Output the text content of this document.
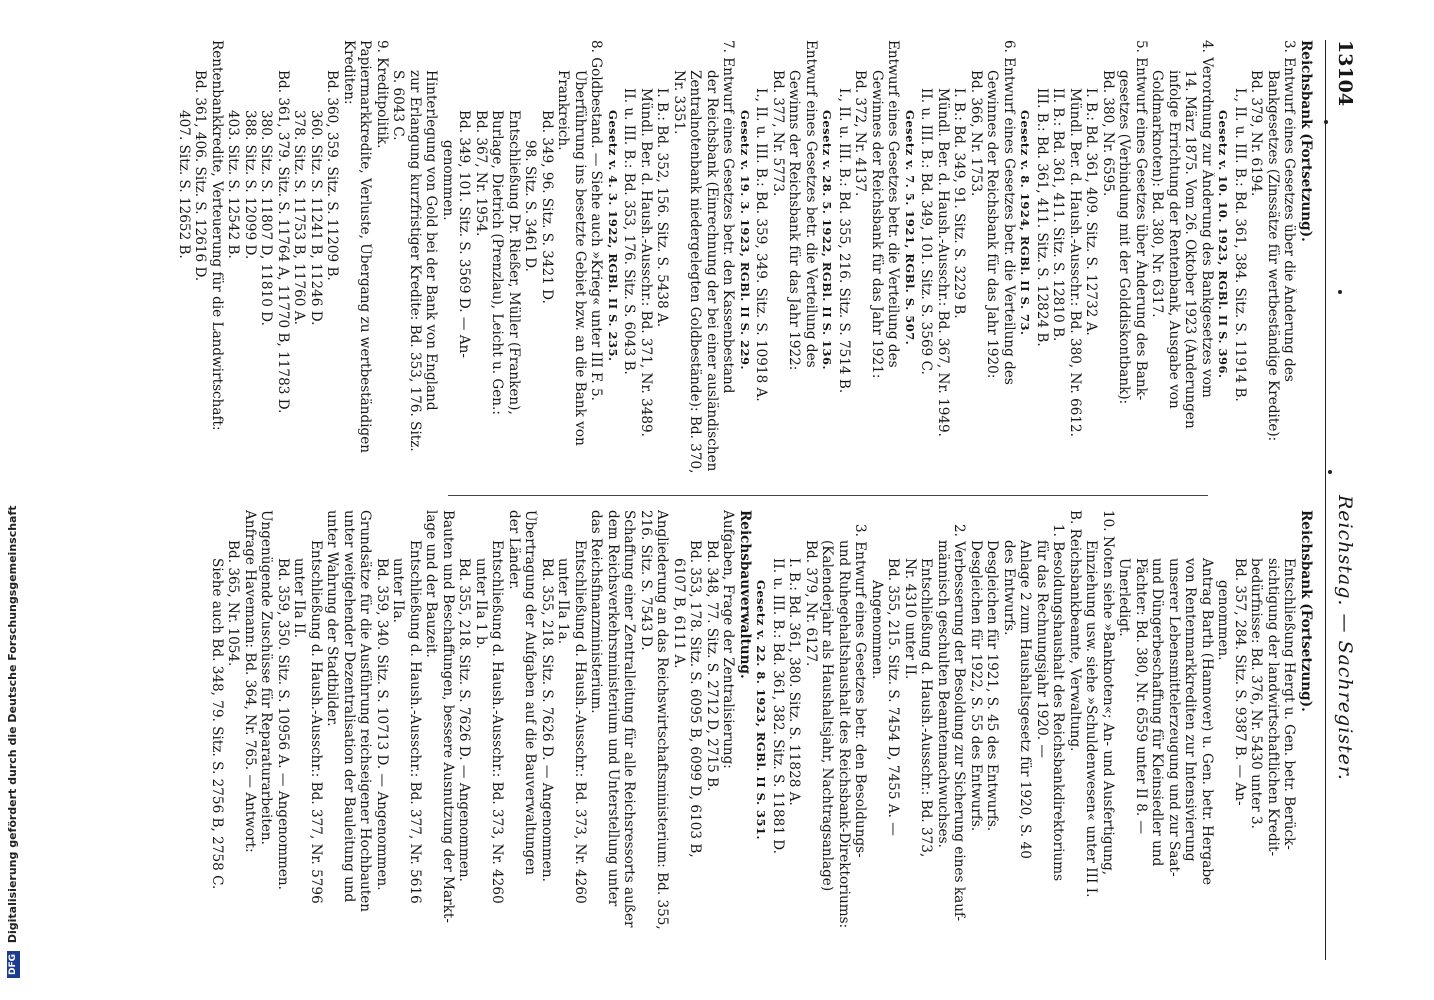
13104
Reichstag. — Sachregister.
Reichsbank (Fortsetzung).
3. Entwurf eines Gesetzes über die Änderung des
Bankgesetzes (Zinssätze für wertbeständige Kredite):
Bd. 379, Nr. 6194.
I., II. u. III. B.: Bd. 361, 384. Sitz. S. 11914 B.
Gesetz v. 10. 10. 1923, RGBl. II S. 396.
4. Verordnung zur Änderung des Bankgesetzes vom
14. März 1875. Vom 26. Oktober 1923 (Änderungen
infolge Errichtung der Rentenbank, Ausgabe von
Goldmarknoten): Bd. 380, Nr. 6317.
5. Entwurf eines Gesetzes über Änderung des Bank-
gesetzes (Verbindung mit der Golddiskontbank):
Bd. 380, Nr. 6595.
I. B.: Bd. 361, 409. Sitz. S. 12732 A.
Mündl. Ber. d. Haush.-Ausschr.: Bd. 380, Nr. 6612.
II. B.: Bd. 361, 411. Sitz. S. 12810 B.
III. B.: Bd. 361, 411. Sitz. S. 12824 B.
Gesetz v. 8. 1924, RGBl. II S. 73.
6. Entwurf eines Gesetzes betr. die Verteilung des
Gewinnes der Reichsbank für das Jahr 1920:
Bd. 366, Nr. 1753.
I. B.: Bd. 349, 91. Sitz. S. 3229 B.
Mündl. Ber. d. Haush.-Ausschr.: Bd. 367, Nr. 1949.
II. u. III. B.: Bd. 349, 101. Sitz. S. 3569 C.
Gesetz v. 7. 5. 1921, RGBl. S. 507.
Entwurf eines Gesetzes betr. die Verteilung des
Gewinnes der Reichsbank für das Jahr 1921:
Bd. 372, Nr. 4137.
I., II. u. III. B.: Bd. 355, 216. Sitz. S. 7514 B.
Gesetz v. 28. 5. 1922, RGBl. II S. 136.
Entwurf eines Gesetzes betr. die Verteilung des
Gewinns der Reichsbank für das Jahr 1922:
Bd. 377, Nr. 5773.
I., II. u. III. B.: Bd. 359, 349. Sitz. S. 10918 A.
Gesetz v. 19. 3. 1923, RGBl. II S. 229.
7. Entwurf eines Gesetzes betr. den Kassenbestand
der Reichsbank (Einrechnung der bei einer ausländischen
Zentralnotenbank niedergelegten Goldbestände): Bd. 370,
Nr. 3351.
I. B.: Bd. 352, 156. Sitz. S. 5438 A.
Mündl. Ber. d. Haush.-Ausschr.: Bd. 371, Nr. 3489.
II. u. III. B.: Bd. 353, 176. Sitz. S. 6043 B.
Gesetz v. 4. 3. 1922, RGBl. II S. 235.
8. Goldbestand. — Siehe auch »Krieg« unter III F. 5.
Überführung ins besetzte Gebiet bzw. an die Bank von
Frankreich.
Bd. 349, 96. Sitz. S. 3421 D.
98. Sitz. S. 3461 D.
Entschließung Dr. Rießer, Müller (Franken),
Burlage, Dietrich (Prenzlau), Leicht u. Gen.:
Bd. 367, Nr. 1954.
Bd. 349, 101. Sitz. S. 3569 D. — An-
genommen.
Hinterlegung von Gold bei der Bank von England
zur Erlangung kurzfristiger Kredite: Bd. 353, 176. Sitz.
S. 6043 C.
9. Kreditpolitik.
Papiermarkkredite, Verluste, Übergang zu wertbeständigen
Krediten:
Bd. 360, 359. Sitz. S. 11209 B.
360. Sitz. S. 11241 B, 11246 D.
378. Sitz. S. 11753 B, 11760 A.
Bd. 361, 379. Sitz. S. 11764 A, 11770 B, 11783 D.
380. Sitz. S. 11807 D, 11810 D.
388. Sitz. S. 12099 D.
403. Sitz. S. 12542 B.
Rentenbankkredite, Verteuerung für die Landwirtschaft:
Bd. 361, 406. Sitz. S. 12616 D.
407. Sitz. S. 12652 B.
Reichsbank (Fortsetzung).
Entschließung Hergt u. Gen. betr. Berück-
sichtigung der landwirtschaftlichen Kredit-
bedürfnisse: Bd. 376, Nr. 5430 unter 3.
Bd. 357, 284. Sitz. S. 9387 B. — An-
genommen.
Antrag Barth (Hannover) u. Gen. betr. Hergabe
von Rentenmarkkrediten zur Intensivierung
unserer Lebensmittelerzeugung und zur Saat-
und Düngerbeschaffung für Kleinsiedler und
Pächter: Bd. 380, Nr. 6559 unter II 8. —
Unerledigt.
10. Noten siehe »Banknoten«; An- und Ausfertigung,
Einziehung usw. siehe »Schuldenwesen« unter III I.
B. Reichsbankbeamte, Verwaltung.
1. Besoldungshaushalt des Reichsbankdirektoriums
für das Rechnungsjahr 1920. —
Anlage 2 zum Haushaltsgesetz für 1920, S. 40
des Entwurfs.
Desgleichen für 1921, S. 45 des Entwurfs.
Desgleichen für 1922, S. 55 des Entwurfs.
2. Verbesserung der Besoldung zur Sicherung eines kauf-
männisch geschulten Beamtennachwuchses.
Entschließung d. Haush.-Ausschr.: Bd. 373,
Nr. 4310 unter II.
Bd. 355, 215. Sitz. S. 7454 D, 7455 A. —
Angenommen.
3. Entwurf eines Gesetzes betr. den Besoldungs-
und Ruhegehaltshaushalt des Reichsbank-Direktoriums:
(Kalenderjahr als Haushaltsjahr, Nachtragsanlage)
Bd. 379, Nr. 6127.
I. B.: Bd. 361, 380. Sitz. S. 11828 A.
II. u. III. B.: Bd. 361, 382. Sitz. S. 11881 D.
Gesetz v. 22. 8. 1923, RGBl. II S. 351.
Reichsbauverwaltung.
Aufgaben, Frage der Zentralisierung:
Bd. 348, 77. Sitz. S. 2712 D, 2715 B.
Bd. 353, 178. Sitz. S. 6095 B, 6099 D, 6103 B,
6107 B, 6111 A.
Angliederung an das Reichswirtschaftsministerium: Bd. 355,
216. Sitz. S. 7543 D.
Schaffung einer Zentralleitung für alle Reichsressorts außer
dem Reichsverkehrsministerium und Unterstellung unter
das Reichsfinanzministerium.
Entschließung d. Haush.-Ausschr.: Bd. 373, Nr. 4260
unter IIa 1a.
Bd. 355, 218. Sitz. S. 7626 D. — Angenommen.
Übertragung der Aufgaben auf die Bauverwaltungen
der Länder.
Entschließung d. Haush.-Ausschr.: Bd. 373, Nr. 4260
unter IIa 1 b.
Bd. 355, 218. Sitz. S. 7626 D. — Angenommen.
Bauten und Beschaffungen, bessere Ausnutzung der Markt-
lage und der Bauzeit.
Entschließung d. Haush.-Ausschr.: Bd. 377, Nr. 5616
unter IIa.
Bd. 359, 340. Sitz. S. 10713 D. — Angenommen.
Grundsätze für die Ausführung reichseigener Hochbauten
unter weitgehender Dezentralisation der Bauleitung und
unter Wahrung der Stadtbilder.
Entschließung d. Haush.-Ausschr.: Bd. 377, Nr. 5796
unter IIa II.
Bd. 359, 350. Sitz. S. 10956 A. — Angenommen.
Ungenügende Zuschüsse für Reparaturarbeiten.
Anfrage Havemann: Bd. 364, Nr. 765. — Antwort:
Bd. 365, Nr. 1054.
Siehe auch Bd. 348, 79. Sitz. S. 2756 B, 2758 C.
DFG Digitalisierung gefördert durch die Deutsche Forschungsgemeinschaft
